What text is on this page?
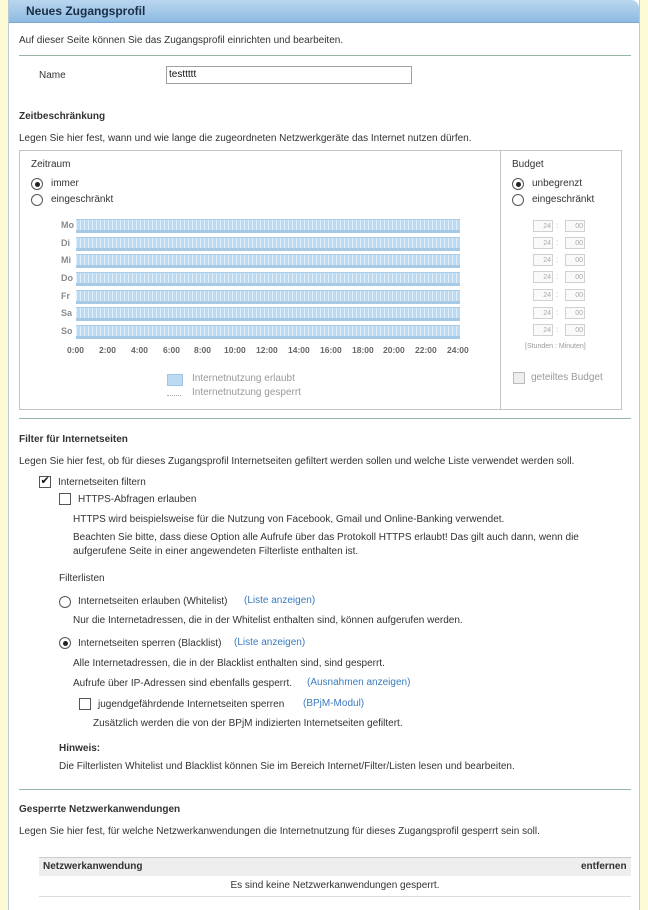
Neues Zugangsprofil
Auf dieser Seite können Sie das Zugangsprofil einrichten und bearbeiten.
Name	testtttt
Zeitbeschränkung
Legen Sie hier fest, wann und wie lange die zugeordneten Netzwerkgeräte das Internet nutzen dürfen.
Zeitraum
immer
eingeschränkt
Mo
Di
Mi
Do
Fr
Sa
So
0:00 2:00 4:00 6:00 8:00 10:00 12:00 14:00 16:00 18:00 20:00 22:00 24:00
Internetnutzung erlaubt
Internetnutzung gesperrt
Budget
unbegrenzt
eingeschränkt
24 :	00
24 :	00
24 :	00
24 :	00
24 :	00
24 :	00
24 :	00
[Stunden : Minuten]
geteiltes Budget
Filter für Internetseiten
Legen Sie hier fest, ob für dieses Zugangsprofil Internetseiten gefiltert werden sollen und welche Liste verwendet werden soll.
✔
Internetseiten filtern
HTTPS-Abfragen erlauben
HTTPS wird beispielsweise für die Nutzung von Facebook, Gmail und Online-Banking verwendet.
Beachten Sie bitte, dass diese Option alle Aufrufe über das Protokoll HTTPS erlaubt! Das gilt auch dann, wenn die
aufgerufene Seite in einer angewendeten Filterliste enthalten ist.
Filterlisten
Internetseiten erlauben (Whitelist) (Liste anzeigen)
Nur die Internetadressen, die in der Whitelist enthalten sind, können aufgerufen werden.
Internetseiten sperren (Blacklist) (Liste anzeigen)
Alle Internetadressen, die in der Blacklist enthalten sind, sind gesperrt.
Aufrufe über IP-Adressen sind ebenfalls gesperrt. (Ausnahmen anzeigen)
jugendgefährdende Internetseiten sperren (BPjM-Modul)
Zusätzlich werden die von der BPjM indizierten Internetseiten gefiltert.
Hinweis:
Die Filterlisten Whitelist und Blacklist können Sie im Bereich Internet/Filter/Listen lesen und bearbeiten.
Gesperrte Netzwerkanwendungen
Legen Sie hier fest, für welche Netzwerkanwendungen die Internetnutzung für dieses Zugangsprofil gesperrt sein soll.
Netzwerkanwendung	entfernen
Es sind keine Netzwerkanwendungen gesperrt.
